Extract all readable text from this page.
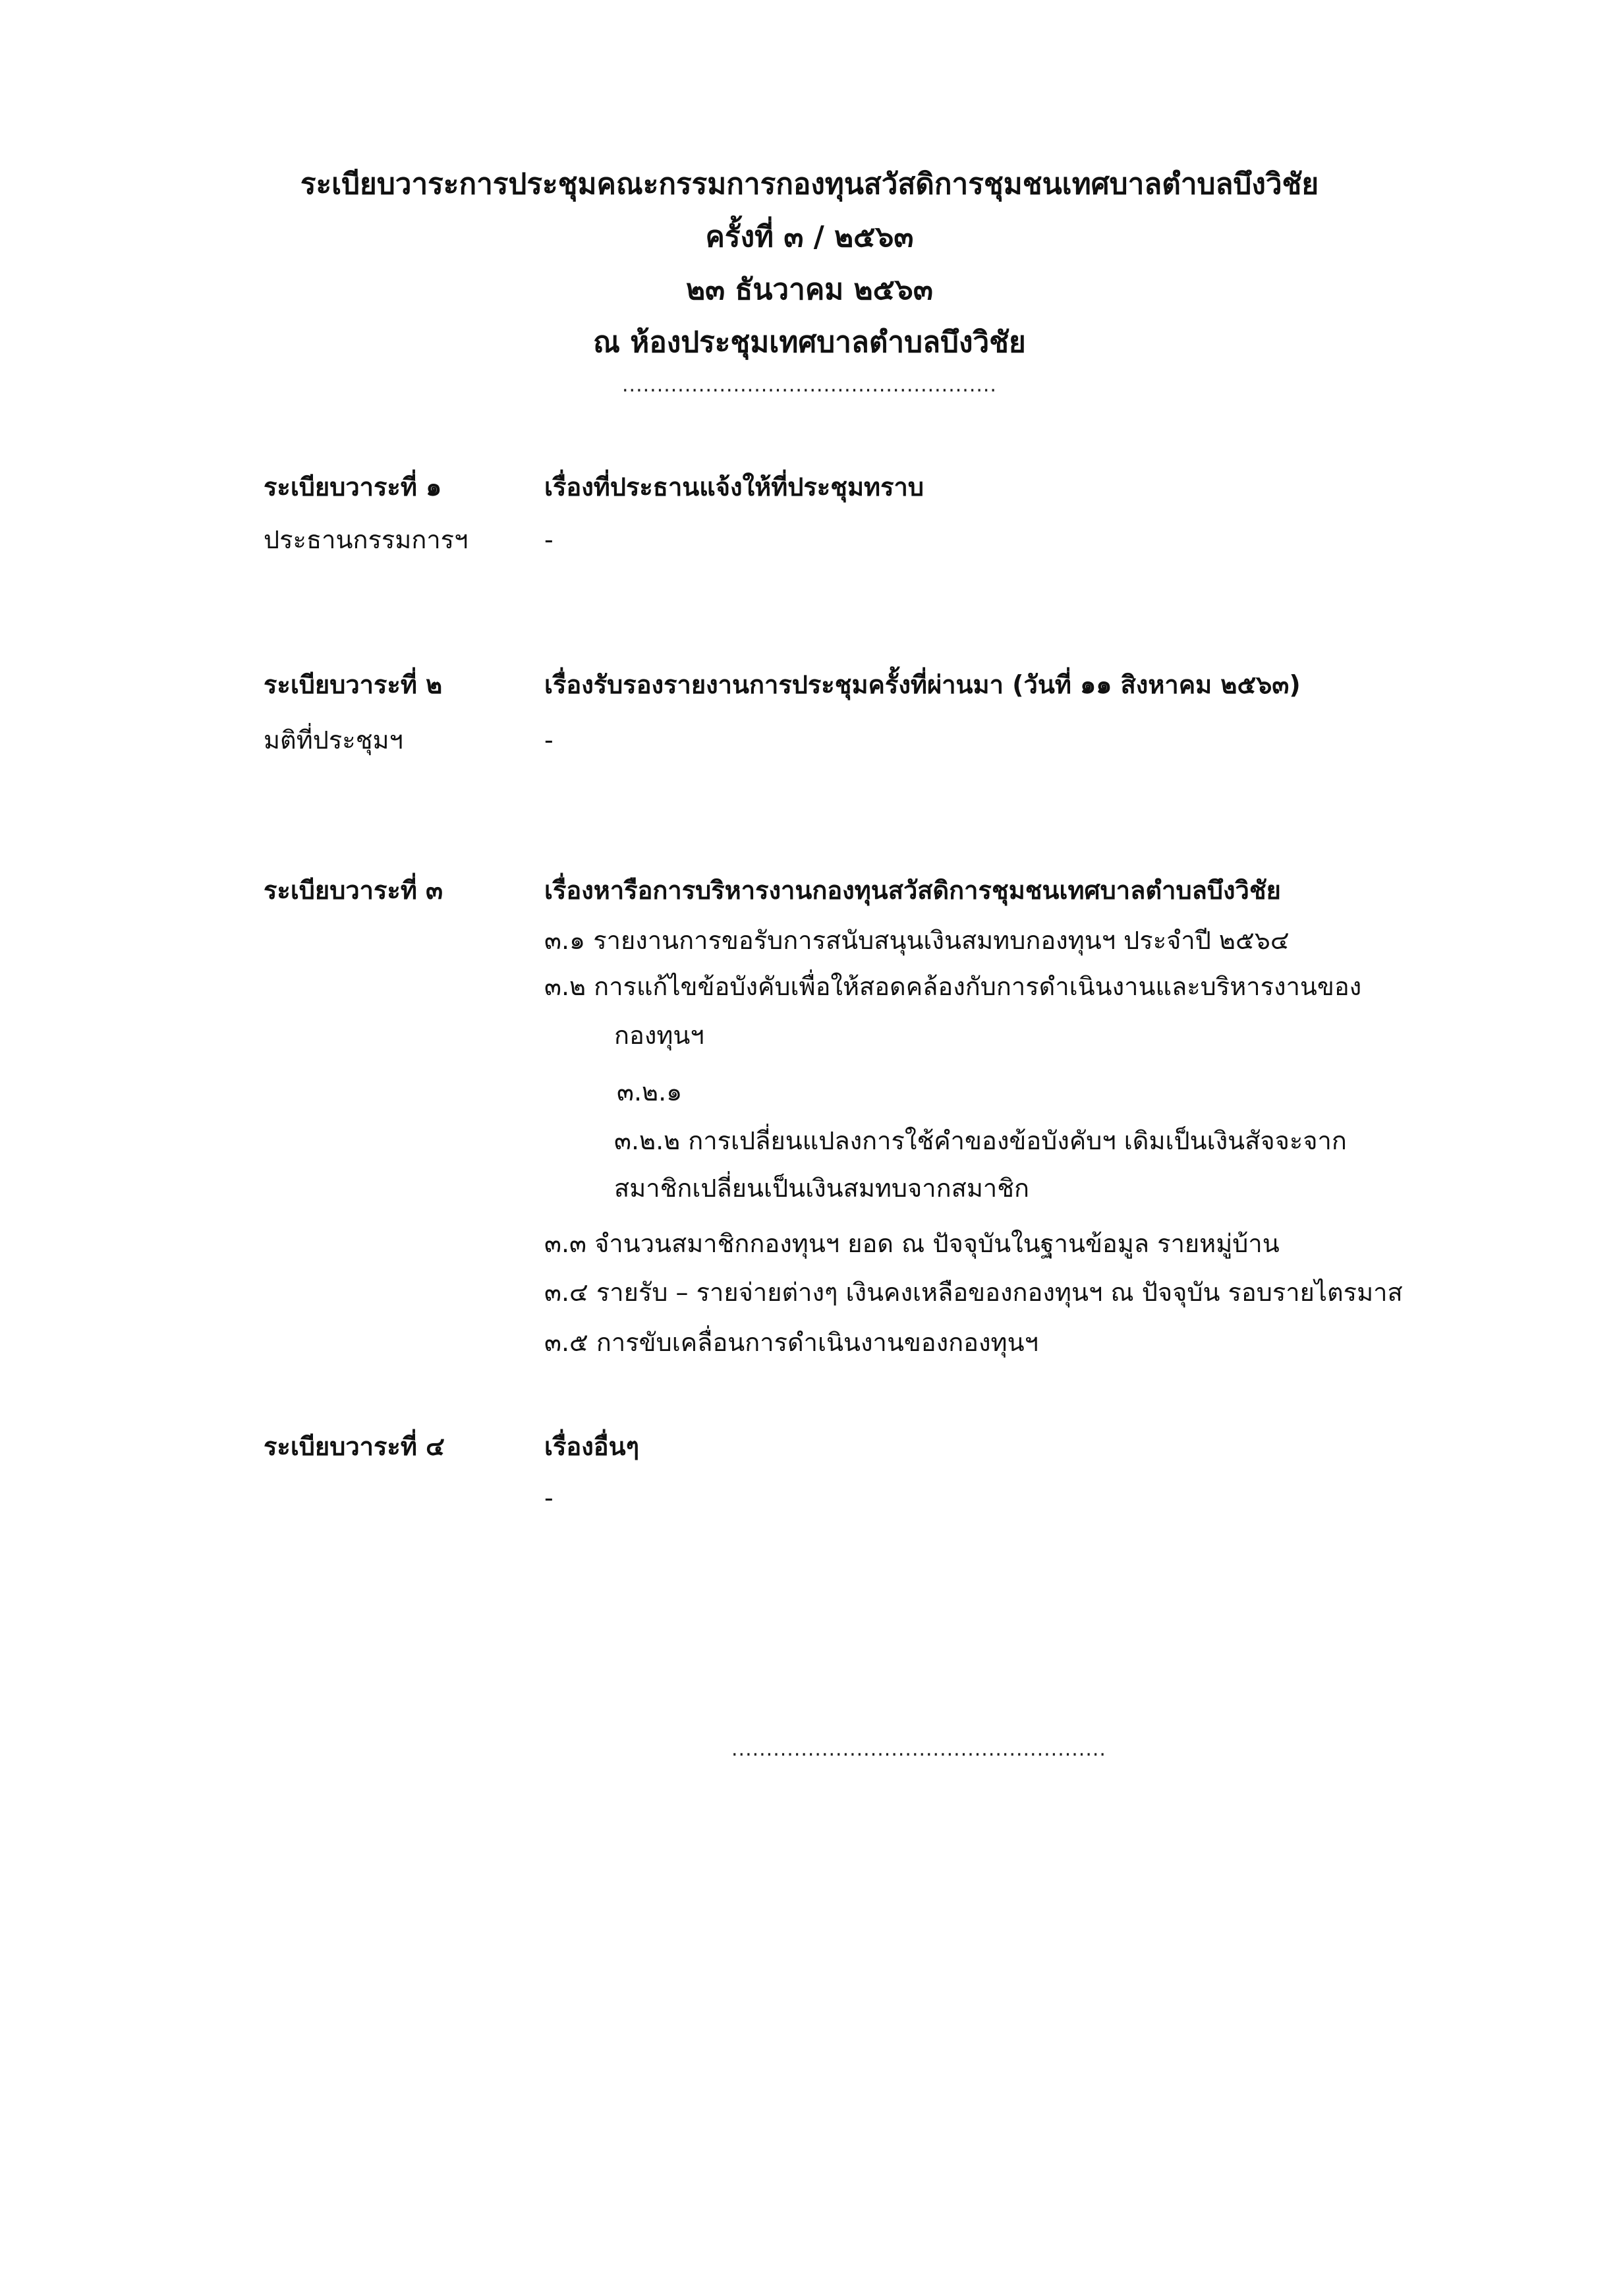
ระเบียบวาระการประชุมคณะกรรมการกองทุนสวัสดิการชุมชนเทศบาลตำบลบึงวิชัย
ครั้งที่ ๓ / ๒๕๖๓
๒๓ ธันวาคม ๒๕๖๓
ณ ห้องประชุมเทศบาลตำบลบึงวิชัย
......................................................
ระเบียบวาระที่ ๑	เรื่องที่ประธานแจ้งให้ที่ประชุมทราบ
ประธานกรรมการฯ	-
ระเบียบวาระที่ ๒	เรื่องรับรองรายงานการประชุมครั้งที่ผ่านมา (วันที่ ๑๑ สิงหาคม ๒๕๖๓)
มติที่ประชุมฯ	-
ระเบียบวาระที่ ๓	เรื่องหารือการบริหารงานกองทุนสวัสดิการชุมชนเทศบาลตำบลบึงวิชัย
๓.๑ รายงานการขอรับการสนับสนุนเงินสมทบกองทุนฯ ประจำปี ๒๕๖๔
๓.๒ การแก้ไขข้อบังคับเพื่อให้สอดคล้องกับการดำเนินงานและบริหารงานของ
กองทุนฯ
๓.๒.๑
๓.๒.๒ การเปลี่ยนแปลงการใช้คำของข้อบังคับฯ เดิมเป็นเงินสัจจะจาก
สมาชิกเปลี่ยนเป็นเงินสมทบจากสมาชิก
๓.๓ จำนวนสมาชิกกองทุนฯ ยอด ณ ปัจจุบันในฐานข้อมูล รายหมู่บ้าน
๓.๔ รายรับ – รายจ่ายต่างๆ เงินคงเหลือของกองทุนฯ ณ ปัจจุบัน รอบรายไตรมาส
๓.๕ การขับเคลื่อนการดำเนินงานของกองทุนฯ
ระเบียบวาระที่ ๔	เรื่องอื่นๆ
-
......................................................
